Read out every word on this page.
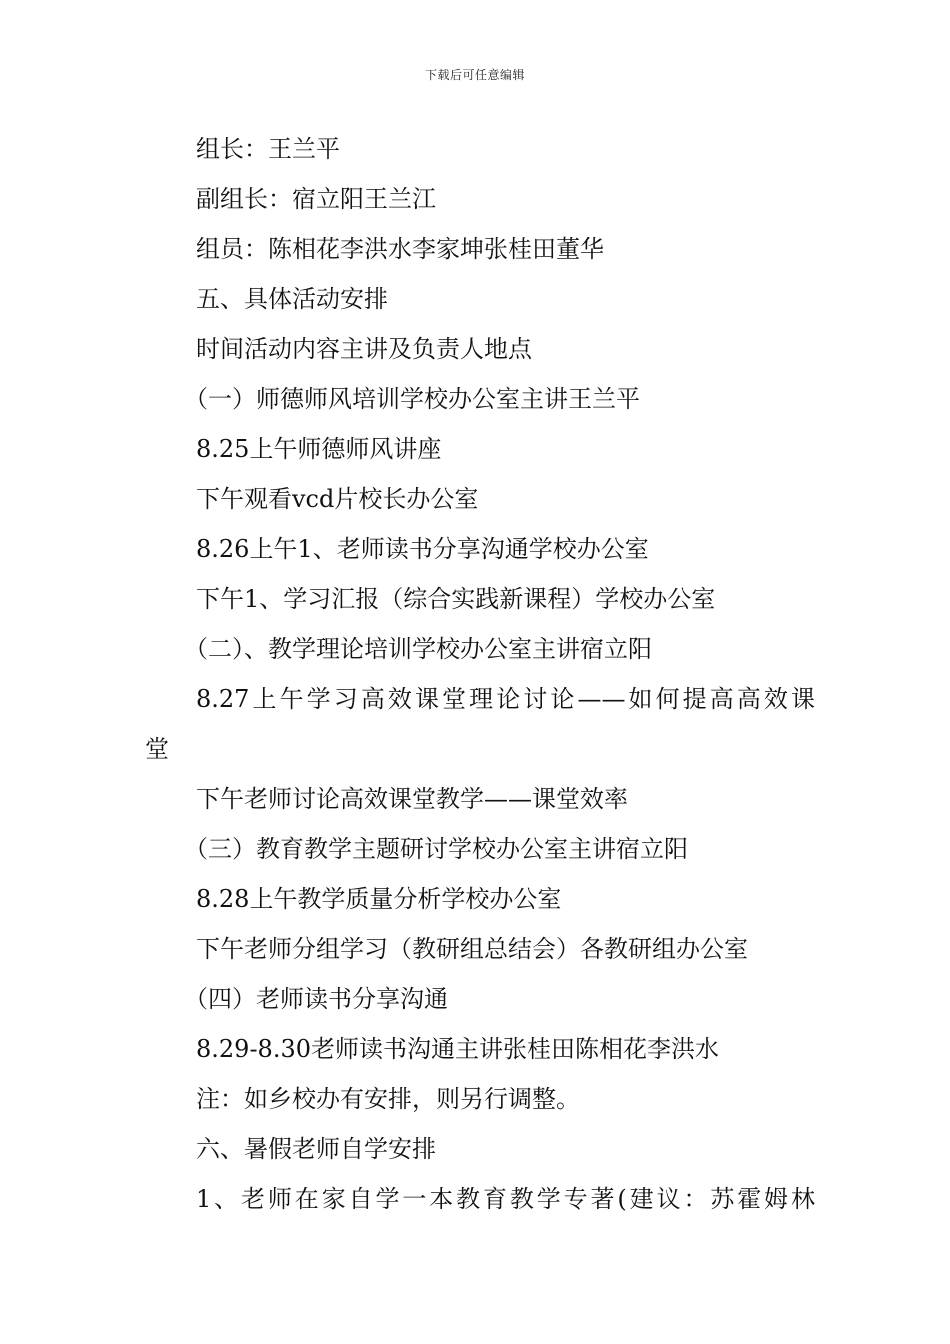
下载后可任意编辑
组长：王兰平
副组长：宿立阳王兰江
组员：陈相花李洪水李家坤张桂田董华
五、具体活动安排
时间活动内容主讲及负责人地点
（一）师德师风培训学校办公室主讲王兰平
8.25上午师德师风讲座
下午观看vcd片校长办公室
8.26上午1、老师读书分享沟通学校办公室
下午1、学习汇报（综合实践新课程）学校办公室
（二）、教学理论培训学校办公室主讲宿立阳
8.27上午学习高效课堂理论讨论——如何提高高效课
堂
下午老师讨论高效课堂教学——课堂效率
（三）教育教学主题研讨学校办公室主讲宿立阳
8.28上午教学质量分析学校办公室
下午老师分组学习（教研组总结会）各教研组办公室
（四）老师读书分享沟通
8.29-8.30老师读书沟通主讲张桂田陈相花李洪水
注：如乡校办有安排，则另行调整。
六、暑假老师自学安排
1、老师在家自学一本教育教学专著(建议：苏霍姆林
